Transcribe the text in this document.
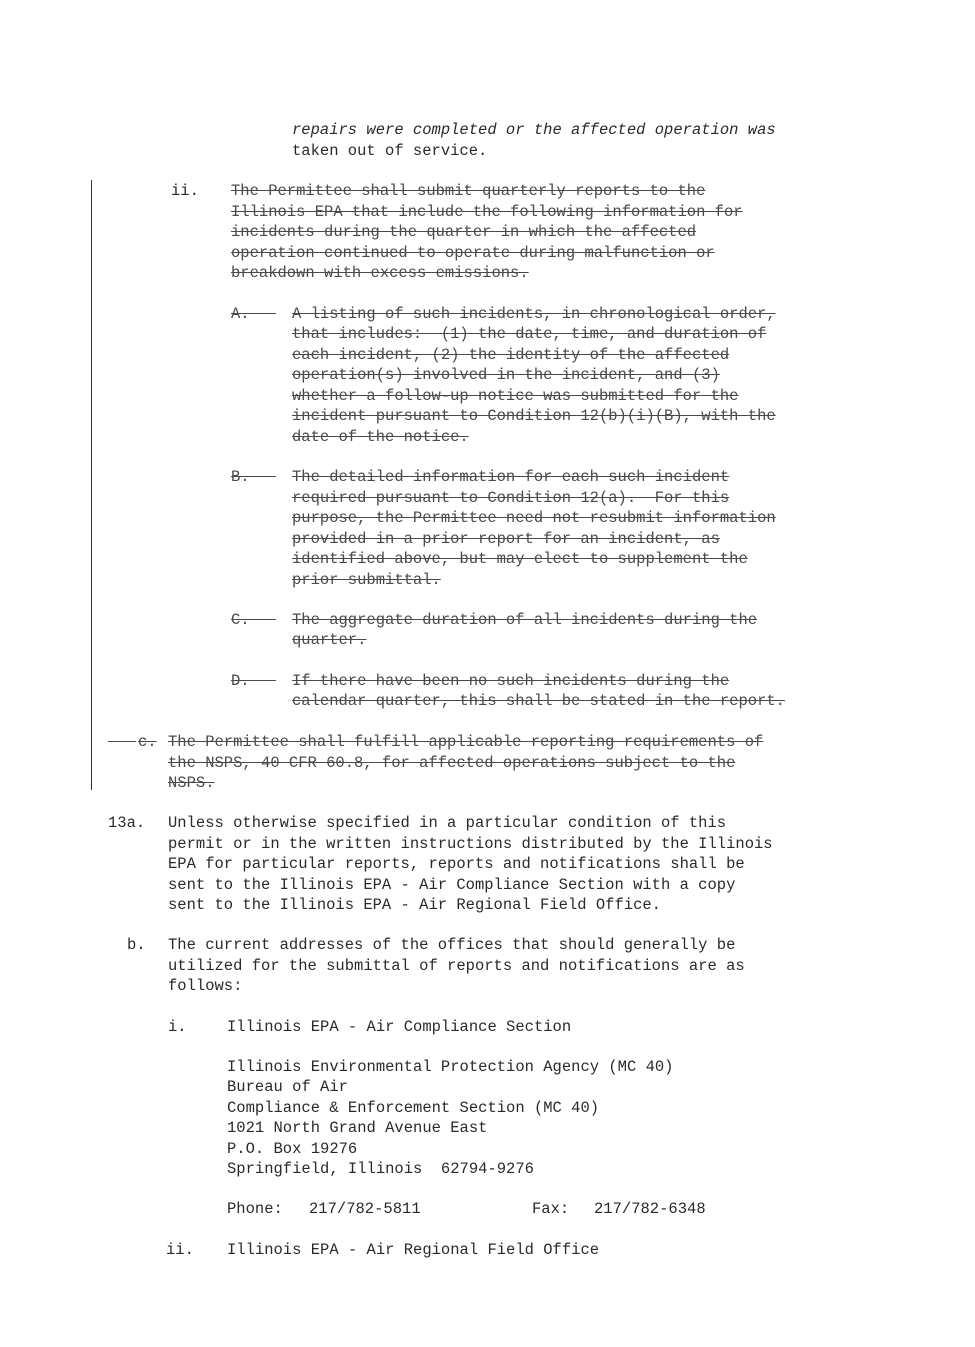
repairs were completed or the affected operation was
taken out of service.
ii. The Permittee shall submit quarterly reports to the
Illinois EPA that include the following information for
incidents during the quarter in which the affected
operation continued to operate during malfunction or
breakdown with excess emissions.
A.
	A listing of such incidents, in chronological order,
that includes:  (1) the date, time, and duration of
each incident, (2) the identity of the affected
operation(s) involved in the incident, and (3)
whether a follow-up notice was submitted for the
incident pursuant to Condition 12(b)(i)(B), with the
date of the notice.
B.
	The detailed information for each such incident
required pursuant to Condition 12(a).  For this
purpose, the Permittee need not resubmit information
provided in a prior report for an incident, as
identified above, but may elect to supplement the
prior submittal.
C.
	The aggregate duration of all incidents during the
quarter.
D.
	If there have been no such incidents during the
calendar quarter, this shall be stated in the report.

c. The Permittee shall fulfill applicable reporting requirements of
the NSPS, 40 CFR 60.8, for affected operations subject to the
NSPS.
13a. Unless otherwise specified in a particular condition of this
permit or in the written instructions distributed by the Illinois
EPA for particular reports, reports and notifications shall be
sent to the Illinois EPA - Air Compliance Section with a copy
sent to the Illinois EPA - Air Regional Field Office.
b. The current addresses of the offices that should generally be
utilized for the submittal of reports and notifications are as
follows:
i.	Illinois EPA - Air Compliance Section
Illinois Environmental Protection Agency (MC 40)
Bureau of Air
Compliance & Enforcement Section (MC 40)
1021 North Grand Avenue East
P.O. Box 19276
Springfield, Illinois  62794-9276
Phone: 217/782-5811	Fax: 217/782-6348
ii. Illinois EPA - Air Regional Field Office
